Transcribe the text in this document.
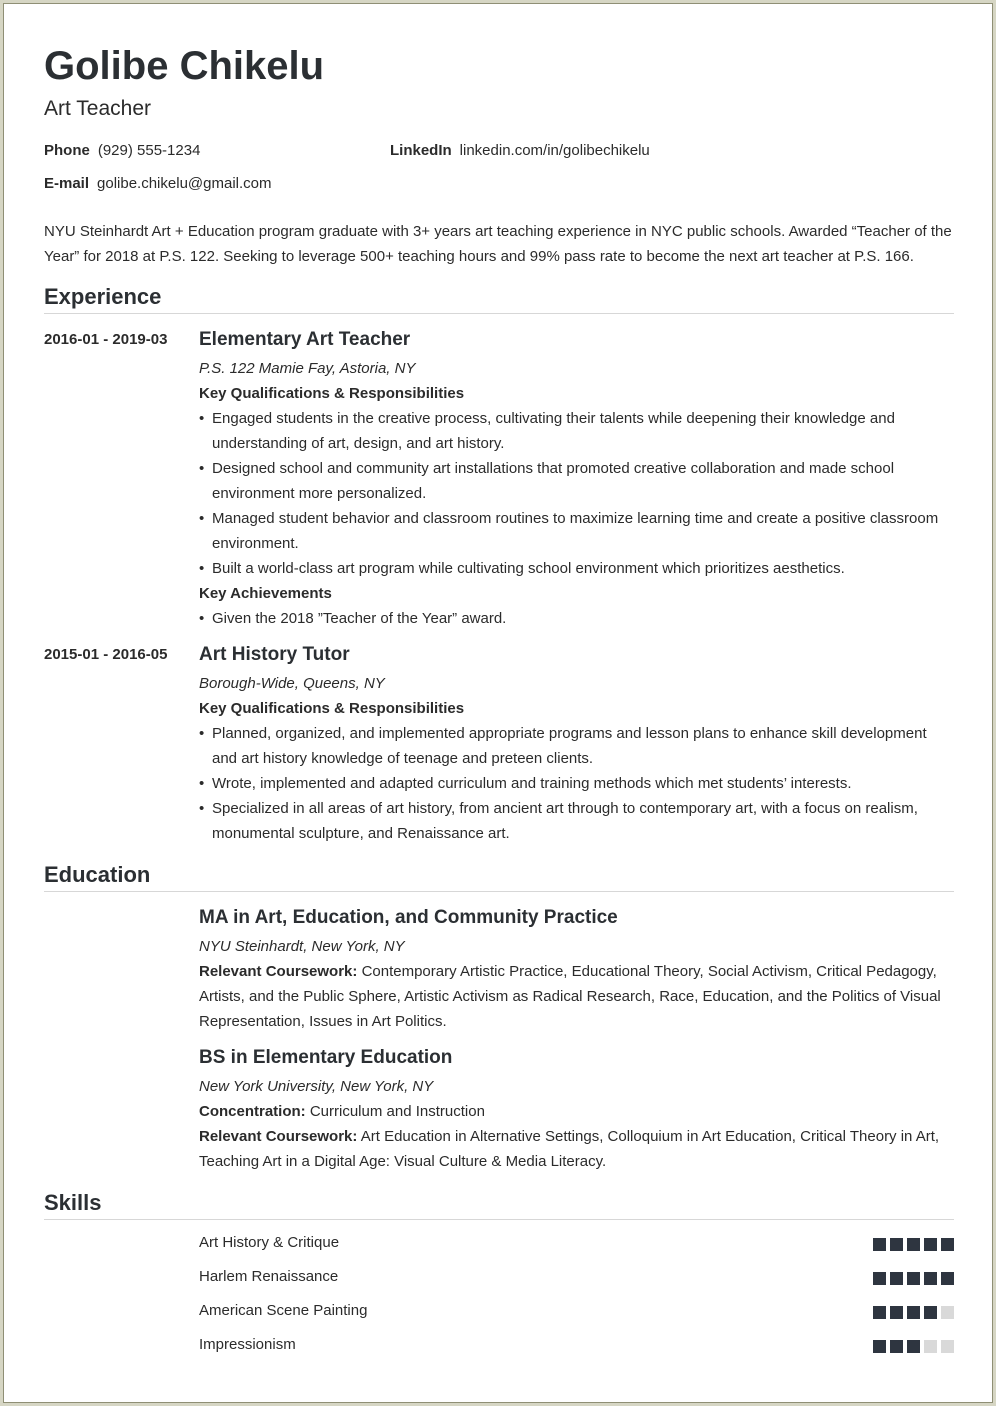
Golibe Chikelu
Art Teacher
Phone (929) 555-1234	LinkedIn linkedin.com/in/golibechikelu
E-mail golibe.chikelu@gmail.com
NYU Steinhardt Art + Education program graduate with 3+ years art teaching experience in NYC public schools. Awarded “Teacher of the Year” for 2018 at P.S. 122. Seeking to leverage 500+ teaching hours and 99% pass rate to become the next art teacher at P.S. 166.
Experience
2016-01 - 2019-03 Elementary Art Teacher
P.S. 122 Mamie Fay, Astoria, NY
Key Qualifications & Responsibilities
• Engaged students in the creative process, cultivating their talents while deepening their knowledge and understanding of art, design, and art history.
• Designed school and community art installations that promoted creative collaboration and made school environment more personalized.
• Managed student behavior and classroom routines to maximize learning time and create a positive classroom environment.
• Built a world-class art program while cultivating school environment which prioritizes aesthetics.
Key Achievements
• Given the 2018 ”Teacher of the Year” award.
2015-01 - 2016-05 Art History Tutor
Borough-Wide, Queens, NY
Key Qualifications & Responsibilities
• Planned, organized, and implemented appropriate programs and lesson plans to enhance skill development and art history knowledge of teenage and preteen clients.
• Wrote, implemented and adapted curriculum and training methods which met students’ interests.
• Specialized in all areas of art history, from ancient art through to contemporary art, with a focus on realism, monumental sculpture, and Renaissance art.
Education
MA in Art, Education, and Community Practice
NYU Steinhardt, New York, NY
Relevant Coursework: Contemporary Artistic Practice, Educational Theory, Social Activism, Critical Pedagogy, Artists, and the Public Sphere, Artistic Activism as Radical Research, Race, Education, and the Politics of Visual Representation, Issues in Art Politics.
BS in Elementary Education
New York University, New York, NY
Concentration: Curriculum and Instruction
Relevant Coursework: Art Education in Alternative Settings, Colloquium in Art Education, Critical Theory in Art, Teaching Art in a Digital Age: Visual Culture & Media Literacy.
Skills
Art History & Critique
Harlem Renaissance
American Scene Painting
Impressionism
